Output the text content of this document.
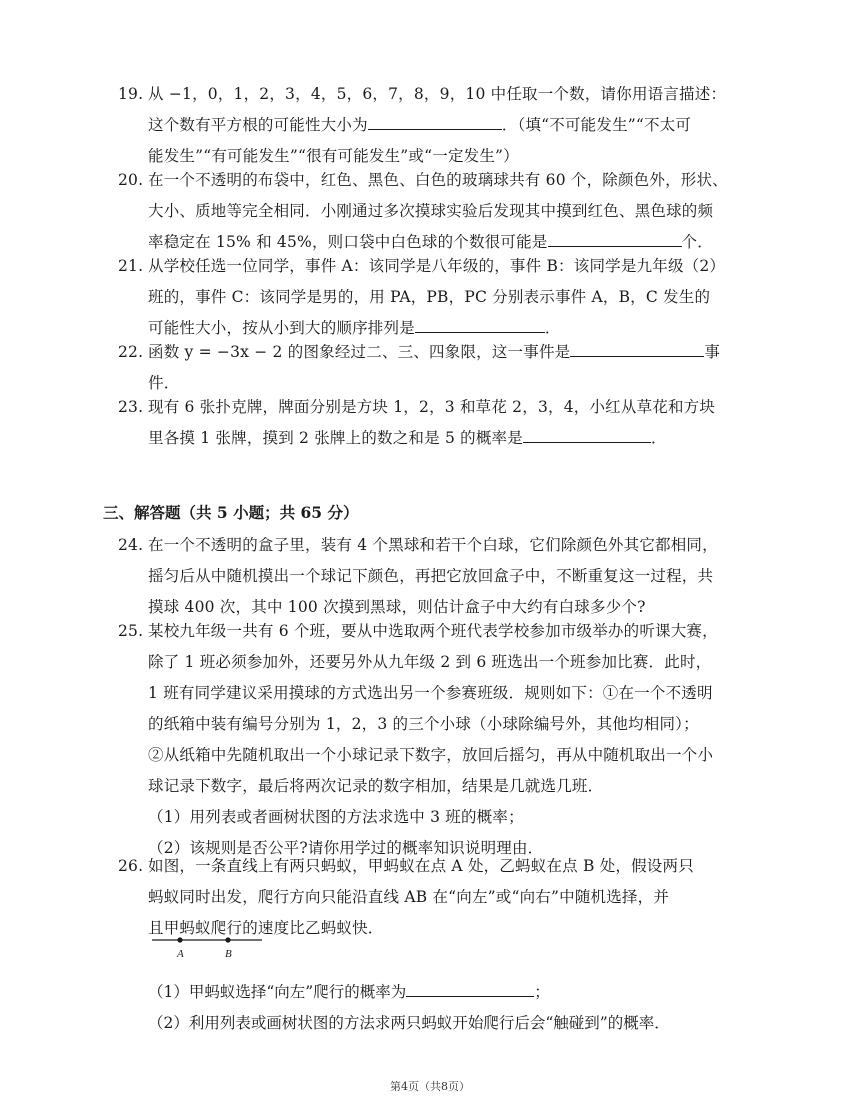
19. 从 −1，0，1，2，3，4，5，6，7，8，9，10 中任取一个数，请你用语言描述：
这个数有平方根的可能性大小为	．（填“不可能发生”“不太可
能发生”“有可能发生”“很有可能发生”或“一定发生”）
20. 在一个不透明的布袋中，红色、黑色、白色的玻璃球共有 60 个，除颜色外，形状、
大小、质地等完全相同．小刚通过多次摸球实验后发现其中摸到红色、黑色球的频
率稳定在 15% 和 45%，则口袋中白色球的个数很可能是	个．
21. 从学校任选一位同学，事件 A：该同学是八年级的，事件 B：该同学是九年级（2）
班的，事件 C：该同学是男的，用 PA，PB，PC 分别表示事件 A，B，C 发生的
可能性大小，按从小到大的顺序排列是	．
22. 函数 y = −3x − 2 的图象经过二、三、四象限，这一事件是	事
件．
23. 现有 6 张扑克牌，牌面分别是方块 1，2，3 和草花 2，3，4，小红从草花和方块
里各摸 1 张牌，摸到 2 张牌上的数之和是 5 的概率是	．
三、解答题（共 5 小题；共 65 分）
24. 在一个不透明的盒子里，装有 4 个黑球和若干个白球，它们除颜色外其它都相同，
摇匀后从中随机摸出一个球记下颜色，再把它放回盒子中，不断重复这一过程，共
摸球 400 次，其中 100 次摸到黑球，则估计盒子中大约有白球多少个?
25. 某校九年级一共有 6 个班，要从中选取两个班代表学校参加市级举办的听课大赛，
除了 1 班必须参加外，还要另外从九年级 2 到 6 班选出一个班参加比赛．此时，
1 班有同学建议采用摸球的方式选出另一个参赛班级．规则如下：①在一个不透明
的纸箱中装有编号分别为 1，2，3 的三个小球（小球除编号外，其他均相同）；
②从纸箱中先随机取出一个小球记录下数字，放回后摇匀，再从中随机取出一个小
球记录下数字，最后将两次记录的数字相加，结果是几就选几班．
（1）用列表或者画树状图的方法求选中 3 班的概率；
（2）该规则是否公平?请你用学过的概率知识说明理由．
26. 如图，一条直线上有两只蚂蚁，甲蚂蚁在点 A 处，乙蚂蚁在点 B 处，假设两只
蚂蚁同时出发，爬行方向只能沿直线 AB 在“向左”或“向右”中随机选择，并
且甲蚂蚁爬行的速度比乙蚂蚁快．
A	B
（1）甲蚂蚁选择“向左”爬行的概率为	；
（2）利用列表或画树状图的方法求两只蚂蚁开始爬行后会“触碰到”的概率．
第4页（共8页）
